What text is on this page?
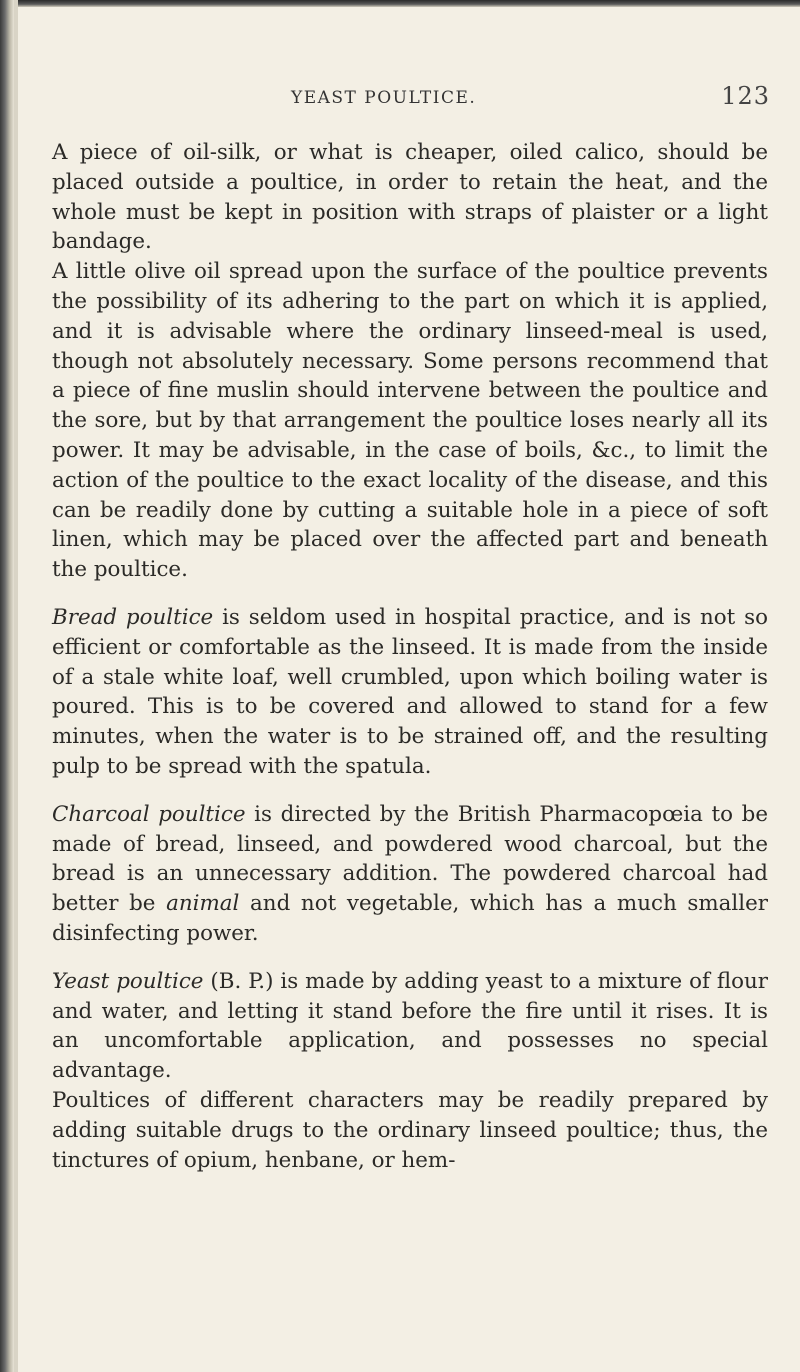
YEAST POULTICE.	123

A piece of oil-silk, or what is cheaper, oiled calico, should be placed outside a poultice, in order to retain the heat, and the whole must be kept in position with straps of plaister or a light bandage.

A little olive oil spread upon the surface of the poultice prevents the possibility of its adhering to the part on which it is applied, and it is advisable where the ordinary linseed-meal is used, though not absolutely necessary. Some persons recommend that a piece of fine muslin should intervene between the poultice and the sore, but by that arrangement the poultice loses nearly all its power. It may be advisable, in the case of boils, &c., to limit the action of the poultice to the exact locality of the disease, and this can be readily done by cutting a suitable hole in a piece of soft linen, which may be placed over the affected part and beneath the poultice.

Bread poultice is seldom used in hospital practice, and is not so efficient or comfortable as the linseed. It is made from the inside of a stale white loaf, well crumbled, upon which boiling water is poured. This is to be covered and allowed to stand for a few minutes, when the water is to be strained off, and the resulting pulp to be spread with the spatula.

Charcoal poultice is directed by the British Pharmacopœia to be made of bread, linseed, and powdered wood charcoal, but the bread is an unnecessary addition. The powdered charcoal had better be animal and not vegetable, which has a much smaller disinfecting power.

Yeast poultice (B. P.) is made by adding yeast to a mixture of flour and water, and letting it stand before the fire until it rises. It is an uncomfortable application, and possesses no special advantage.

Poultices of different characters may be readily prepared by adding suitable drugs to the ordinary linseed poultice; thus, the tinctures of opium, henbane, or hem-
